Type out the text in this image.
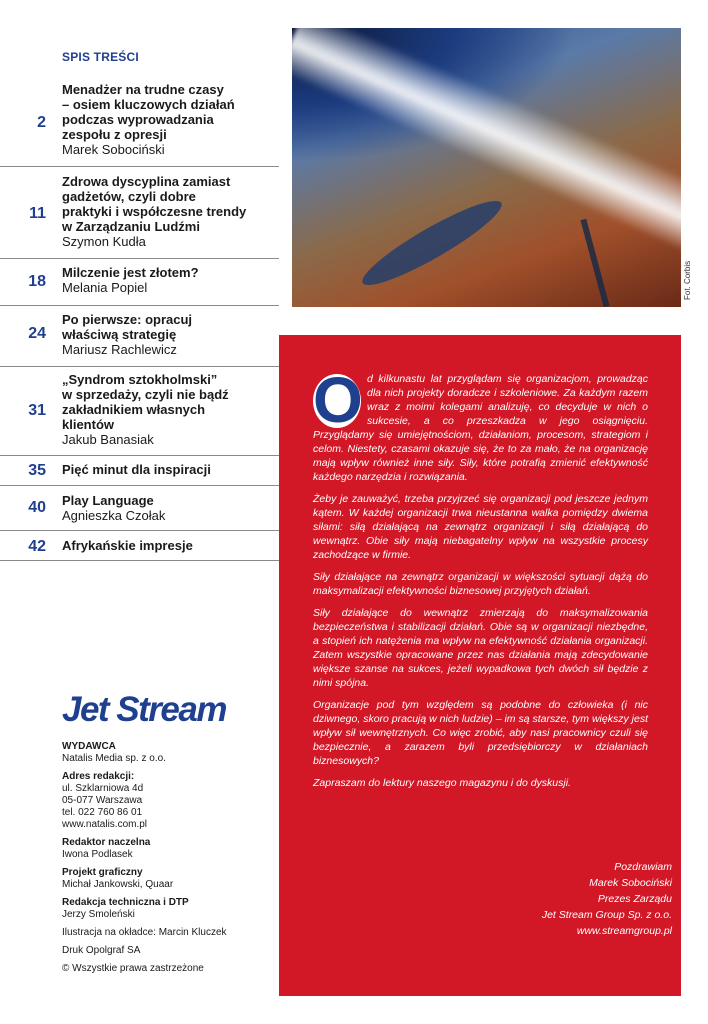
SPIS TREŚCI
2
Menadżer na trudne czasy
– osiem kluczowych działań
podczas wyprowadzania
zespołu z opresji
Marek Sobociński
11
Zdrowa dyscyplina zamiast
gadżetów, czyli dobre
praktyki i współczesne trendy
w Zarządzaniu Ludźmi
Szymon Kudła
18
Milczenie jest złotem?
Melania Popiel
24
Po pierwsze: opracuj
właściwą strategię
Mariusz Rachlewicz
31
„Syndrom sztokholmski”
w sprzedaży, czyli nie bądź
zakładnikiem własnych
klientów
Jakub Banasiak
35 Pięć minut dla inspiracji
40 Play Language
Agnieszka Czołak
42 Afrykańskie impresje
Jet Stream
WYDAWCA
Natalis Media sp. z o.o.
Adres redakcji:
ul. Szklarniowa 4d
05-077 Warszawa
tel. 022 760 86 01
www.natalis.com.pl
Redaktor naczelna
Iwona Podlasek
Projekt graficzny
Michał Jankowski, Quaar
Redakcja techniczna i DTP
Jerzy Smoleński
Ilustracja na okładce: Marcin Kluczek
Druk Opolgraf SA
© Wszystkie prawa zastrzeżone
Fot. Corbis

O d kilkunastu lat przyglądam się organizacjom, prowadząc dla nich projekty doradcze i szkoleniowe. Za każdym razem wraz z moimi kolegami analizuję, co decyduje w nich o sukcesie, a co przeszkadza w jego osiągnięciu. Przyglądamy się umiejętnościom, działaniom, procesom, strategiom i celom. Niestety, czasami okazuje się, że to za mało, że na organizację mają wpływ również inne siły. Siły, które potrafią zmienić efektywność każdego narzędzia i rozwiązania.

Żeby je zauważyć, trzeba przyjrzeć się organizacji pod jeszcze jednym kątem. W każdej organizacji trwa nieustanna walka pomiędzy dwiema siłami: siłą działającą na zewnątrz organizacji i siłą działającą do wewnątrz. Obie siły mają niebagatelny wpływ na wszystkie procesy zachodzące w firmie.

Siły działające na zewnątrz organizacji w większości sytuacji dążą do maksymalizacji efektywności biznesowej przyjętych działań.

Siły działające do wewnątrz zmierzają do maksymalizowania bezpieczeństwa i stabilizacji działań. Obie są w organizacji niezbędne, a stopień ich natężenia ma wpływ na efektywność działania organizacji. Zatem wszystkie opracowane przez nas działania mają zdecydowanie większe szanse na sukces, jeżeli wypadkowa tych dwóch sił będzie z nimi spójna.

Organizacje pod tym względem są podobne do człowieka (i nic dziwnego, skoro pracują w nich ludzie) – im są starsze, tym większy jest wpływ sił wewnętrznych. Co więc zrobić, aby nasi pracownicy czuli się bezpiecznie, a zarazem byli przedsiębiorczy w działaniach biznesowych?

Zapraszam do lektury naszego magazynu i do dyskusji.

Pozdrawiam
Marek Sobociński
Prezes Zarządu
Jet Stream Group Sp. z o.o.
www.streamgroup.pl
